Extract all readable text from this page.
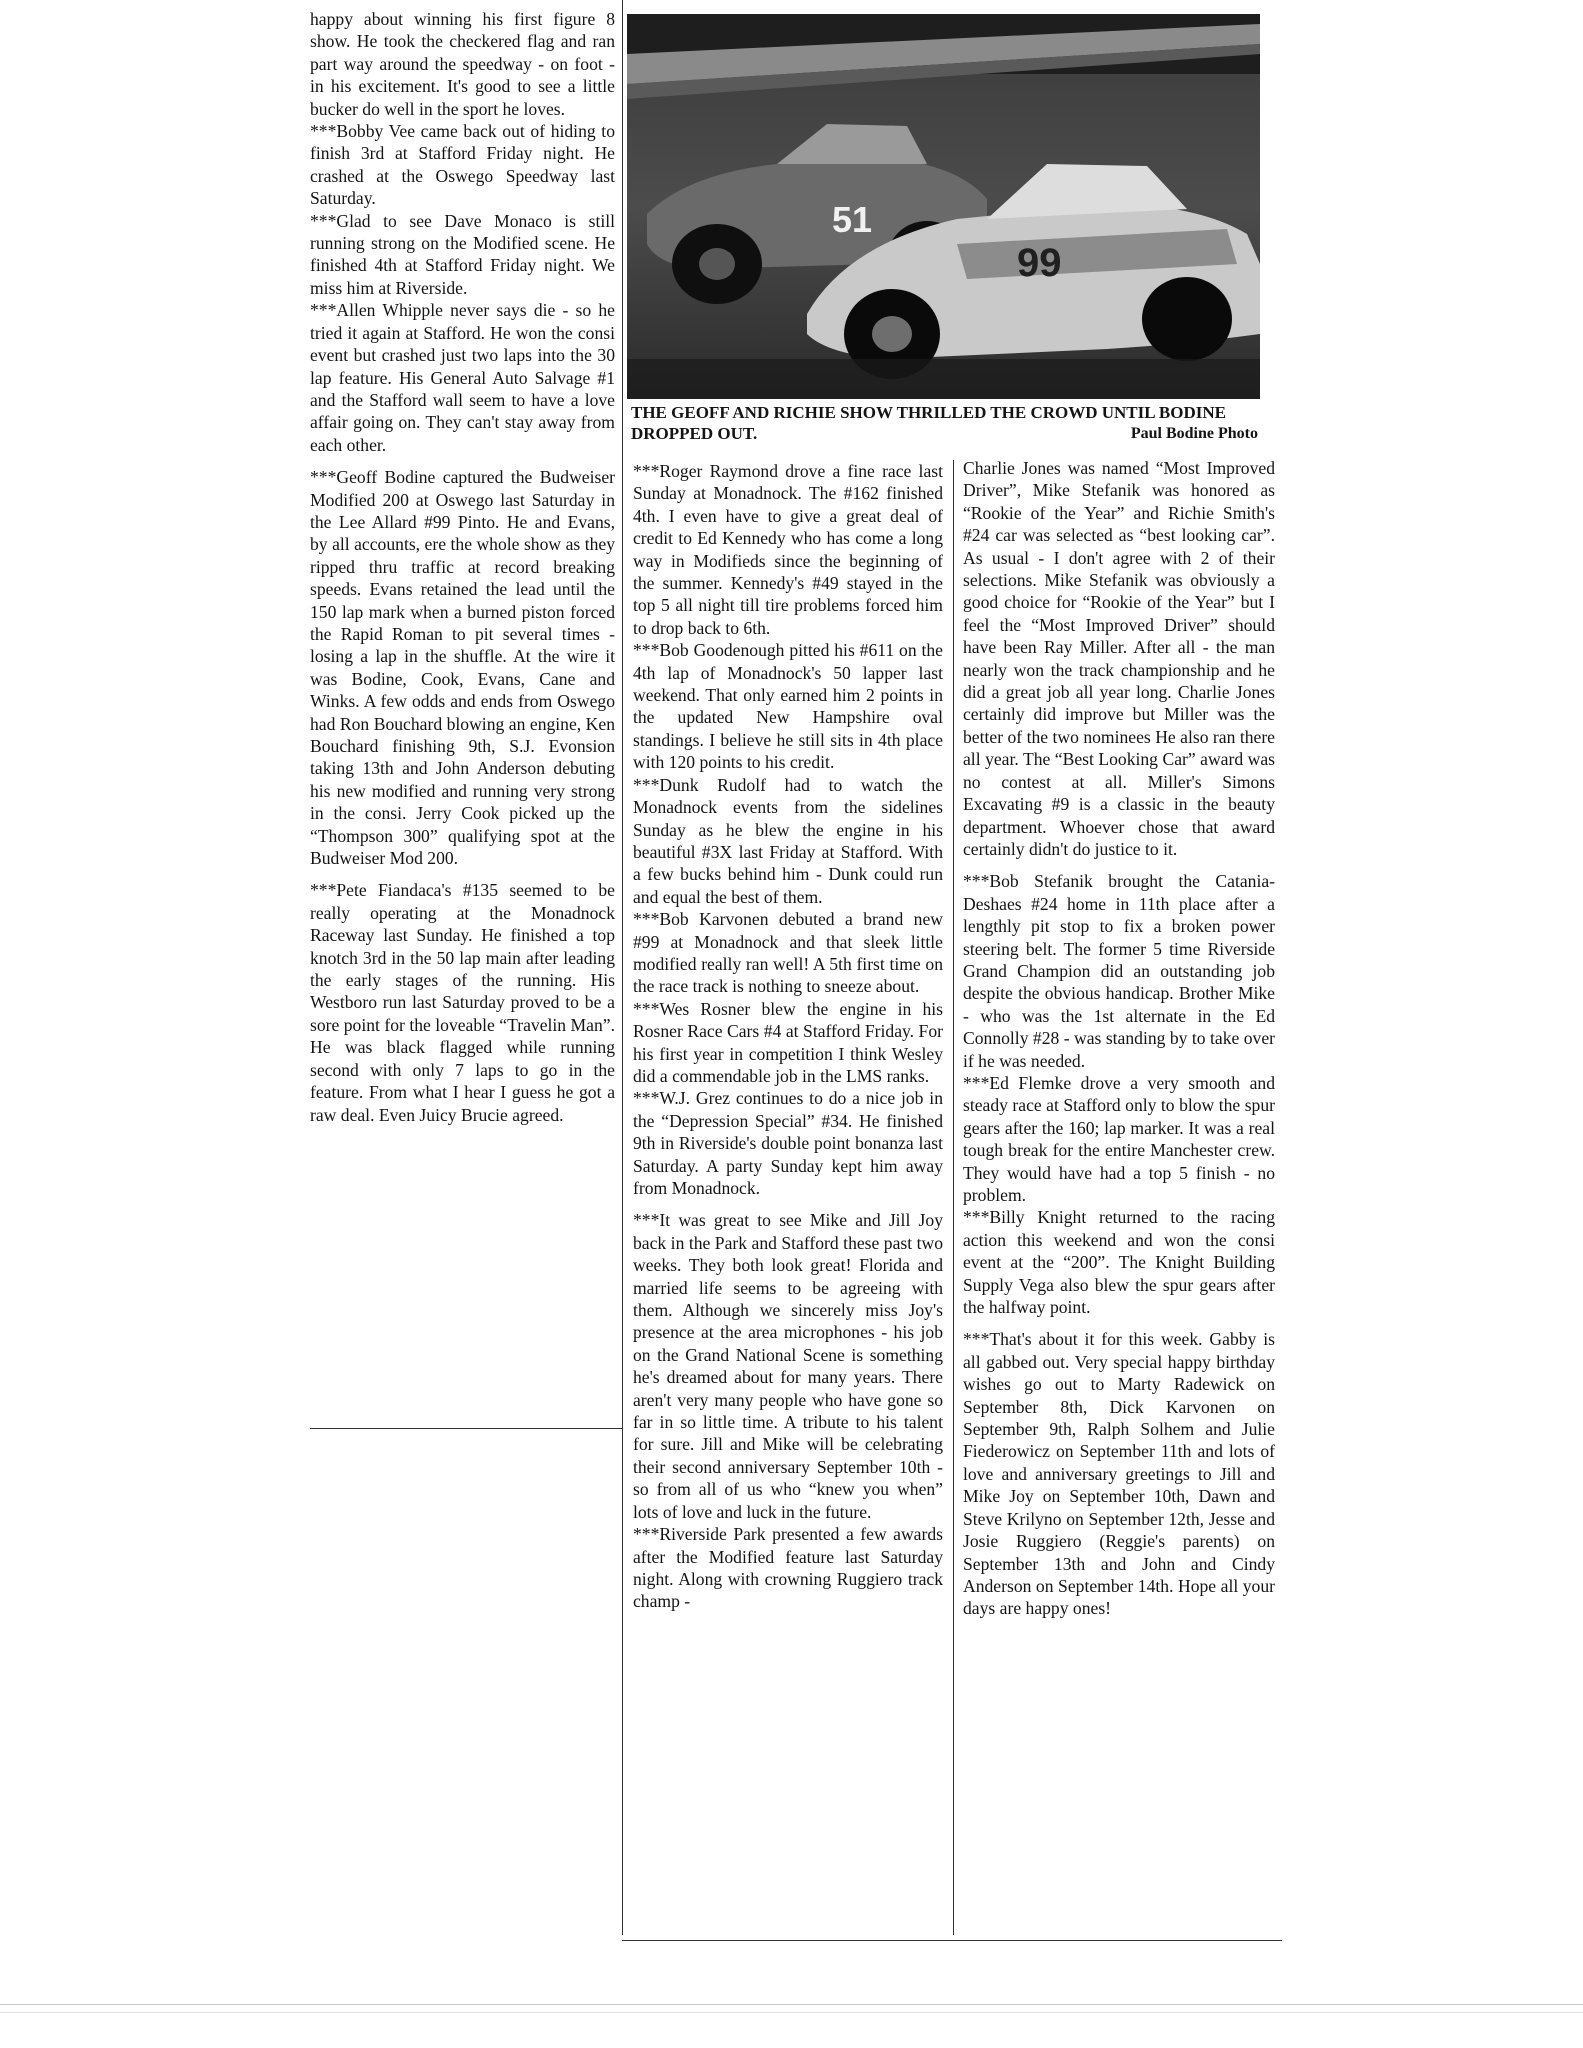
happy about winning his first figure 8 show. He took the checkered flag and ran part way around the speedway - on foot - in his excitement. It's good to see a little bucker do well in the sport he loves.

***Bobby Vee came back out of hiding to finish 3rd at Stafford Friday night. He crashed at the Oswego Speedway last Saturday.

***Glad to see Dave Monaco is still running strong on the Modified scene. He finished 4th at Stafford Friday night. We miss him at Riverside.

***Allen Whipple never says die - so he tried it again at Stafford. He won the consi event but crashed just two laps into the 30 lap feature. His General Auto Salvage #1 and the Stafford wall seem to have a love affair going on. They can't stay away from each other.

***Geoff Bodine captured the Budweiser Modified 200 at Oswego last Saturday in the Lee Allard #99 Pinto. He and Evans, by all accounts, ere the whole show as they ripped thru traffic at record breaking speeds. Evans retained the lead until the 150 lap mark when a burned piston forced the Rapid Roman to pit several times - losing a lap in the shuffle. At the wire it was Bodine, Cook, Evans, Cane and Winks. A few odds and ends from Oswego had Ron Bouchard blowing an engine, Ken Bouchard finishing 9th, S.J. Evonsion taking 13th and John Anderson debuting his new modified and running very strong in the consi. Jerry Cook picked up the “Thompson 300” qualifying spot at the Budweiser Mod 200.

***Pete Fiandaca's #135 seemed to be really operating at the Monadnock Raceway last Sunday. He finished a top knotch 3rd in the 50 lap main after leading the early stages of the running. His Westboro run last Saturday proved to be a sore point for the loveable “Travelin Man”. He was black flagged while running second with only 7 laps to go in the feature. From what I hear I guess he got a raw deal. Even Juicy Brucie agreed.

51
99
THE GEOFF AND RICHIE SHOW THRILLED THE CROWD UNTIL BODINE DROPPED OUT.	Paul Bodine Photo

***Roger Raymond drove a fine race last Sunday at Monadnock. The #162 finished 4th. I even have to give a great deal of credit to Ed Kennedy who has come a long way in Modifieds since the beginning of the summer. Kennedy's #49 stayed in the top 5 all night till tire problems forced him to drop back to 6th.

***Bob Goodenough pitted his #611 on the 4th lap of Monadnock's 50 lapper last weekend. That only earned him 2 points in the updated New Hampshire oval standings. I believe he still sits in 4th place with 120 points to his credit.

***Dunk Rudolf had to watch the Monadnock events from the sidelines Sunday as he blew the engine in his beautiful #3X last Friday at Stafford. With a few bucks behind him - Dunk could run and equal the best of them.

***Bob Karvonen debuted a brand new #99 at Monadnock and that sleek little modified really ran well! A 5th first time on the race track is nothing to sneeze about.

***Wes Rosner blew the engine in his Rosner Race Cars #4 at Stafford Friday. For his first year in competition I think Wesley did a commendable job in the LMS ranks.

***W.J. Grez continues to do a nice job in the “Depression Special” #34. He finished 9th in Riverside's double point bonanza last Saturday. A party Sunday kept him away from Monadnock.

***It was great to see Mike and Jill Joy back in the Park and Stafford these past two weeks. They both look great! Florida and married life seems to be agreeing with them. Although we sincerely miss Joy's presence at the area microphones - his job on the Grand National Scene is something he's dreamed about for many years. There aren't very many people who have gone so far in so little time. A tribute to his talent for sure. Jill and Mike will be celebrating their second anniversary September 10th - so from all of us who “knew you when” lots of love and luck in the future.

***Riverside Park presented a few awards after the Modified feature last Saturday night. Along with crowning Ruggiero track champ -

Charlie Jones was named “Most Improved Driver”, Mike Stefanik was honored as “Rookie of the Year” and Richie Smith's #24 car was selected as “best looking car”. As usual - I don't agree with 2 of their selections. Mike Stefanik was obviously a good choice for “Rookie of the Year” but I feel the “Most Improved Driver” should have been Ray Miller. After all - the man nearly won the track championship and he did a great job all year long. Charlie Jones certainly did improve but Miller was the better of the two nominees He also ran there all year. The “Best Looking Car” award was no contest at all. Miller's Simons Excavating #9 is a classic in the beauty department. Whoever chose that award certainly didn't do justice to it.

***Bob Stefanik brought the Catania-Deshaes #24 home in 11th place after a lengthly pit stop to fix a broken power steering belt. The former 5 time Riverside Grand Champion did an outstanding job despite the obvious handicap. Brother Mike - who was the 1st alternate in the Ed Connolly #28 - was standing by to take over if he was needed.

***Ed Flemke drove a very smooth and steady race at Stafford only to blow the spur gears after the 160; lap marker. It was a real tough break for the entire Manchester crew. They would have had a top 5 finish - no problem.

***Billy Knight returned to the racing action this weekend and won the consi event at the “200”. The Knight Building Supply Vega also blew the spur gears after the halfway point.

***That's about it for this week. Gabby is all gabbed out. Very special happy birthday wishes go out to Marty Radewick on September 8th, Dick Karvonen on September 9th, Ralph Solhem and Julie Fiederowicz on September 11th and lots of love and anniversary greetings to Jill and Mike Joy on September 10th, Dawn and Steve Krilyno on September 12th, Jesse and Josie Ruggiero (Reggie's parents) on September 13th and John and Cindy Anderson on September 14th. Hope all your days are happy ones!
